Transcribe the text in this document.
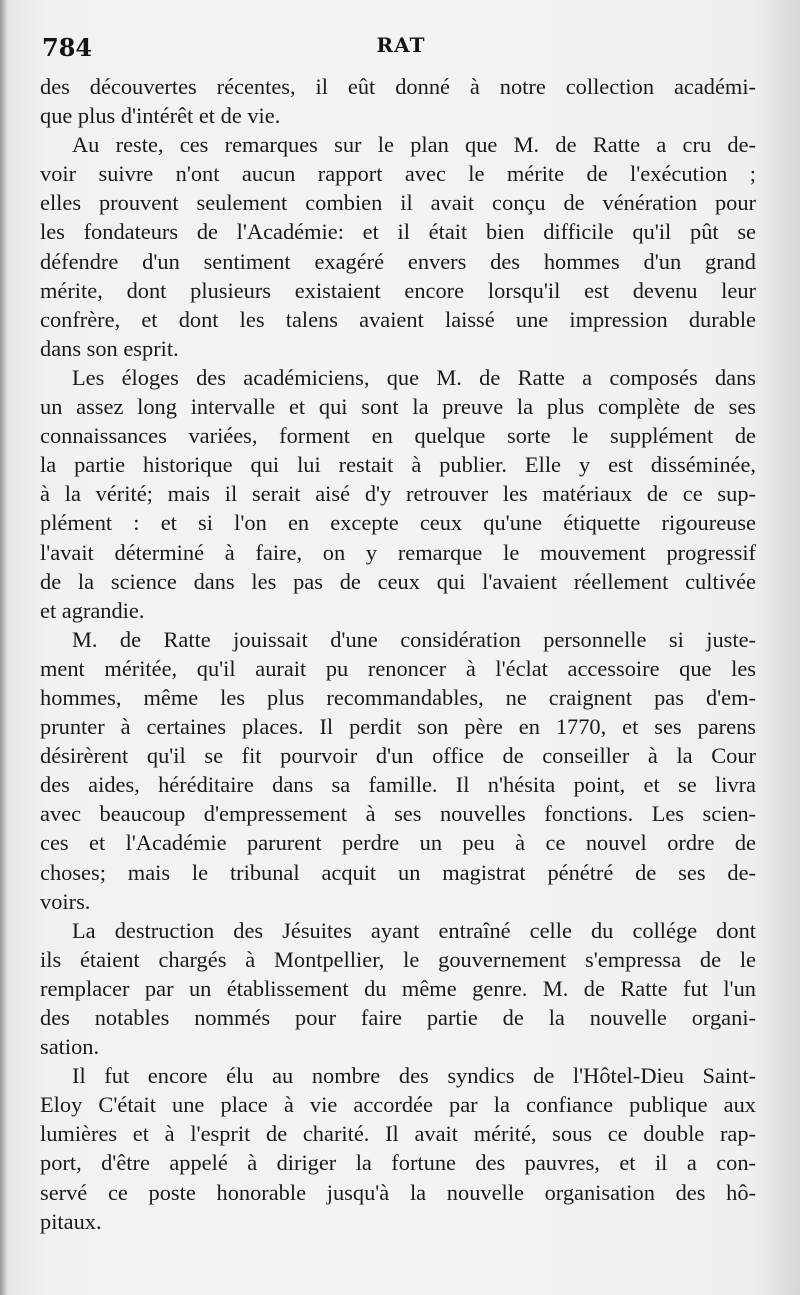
784	RAT
des découvertes récentes, il eût donné à notre collection académi-
que plus d'intérêt et de vie.
Au reste, ces remarques sur le plan que M. de Ratte a cru de-
voir suivre n'ont aucun rapport avec le mérite de l'exécution ;
elles prouvent seulement combien il avait conçu de vénération pour
les fondateurs de l'Académie: et il était bien difficile qu'il pût se
défendre d'un sentiment exagéré envers des hommes d'un grand
mérite, dont plusieurs existaient encore lorsqu'il est devenu leur
confrère, et dont les talens avaient laissé une impression durable
dans son esprit.
Les éloges des académiciens, que M. de Ratte a composés dans
un assez long intervalle et qui sont la preuve la plus complète de ses
connaissances variées, forment en quelque sorte le supplément de
la partie historique qui lui restait à publier. Elle y est disséminée,
à la vérité; mais il serait aisé d'y retrouver les matériaux de ce sup-
plément : et si l'on en excepte ceux qu'une étiquette rigoureuse
l'avait déterminé à faire, on y remarque le mouvement progressif
de la science dans les pas de ceux qui l'avaient réellement cultivée
et agrandie.
M. de Ratte jouissait d'une considération personnelle si juste-
ment méritée, qu'il aurait pu renoncer à l'éclat accessoire que les
hommes, même les plus recommandables, ne craignent pas d'em-
prunter à certaines places. Il perdit son père en 1770, et ses parens
désirèrent qu'il se fit pourvoir d'un office de conseiller à la Cour
des aides, héréditaire dans sa famille. Il n'hésita point, et se livra
avec beaucoup d'empressement à ses nouvelles fonctions. Les scien-
ces et l'Académie parurent perdre un peu à ce nouvel ordre de
choses; mais le tribunal acquit un magistrat pénétré de ses de-
voirs.
La destruction des Jésuites ayant entraîné celle du collége dont
ils étaient chargés à Montpellier, le gouvernement s'empressa de le
remplacer par un établissement du même genre. M. de Ratte fut l'un
des notables nommés pour faire partie de la nouvelle organi-
sation.
Il fut encore élu au nombre des syndics de l'Hôtel-Dieu Saint-
Eloy C'était une place à vie accordée par la confiance publique aux
lumières et à l'esprit de charité. Il avait mérité, sous ce double rap-
port, d'être appelé à diriger la fortune des pauvres, et il a con-
servé ce poste honorable jusqu'à la nouvelle organisation des hô-
pitaux.
